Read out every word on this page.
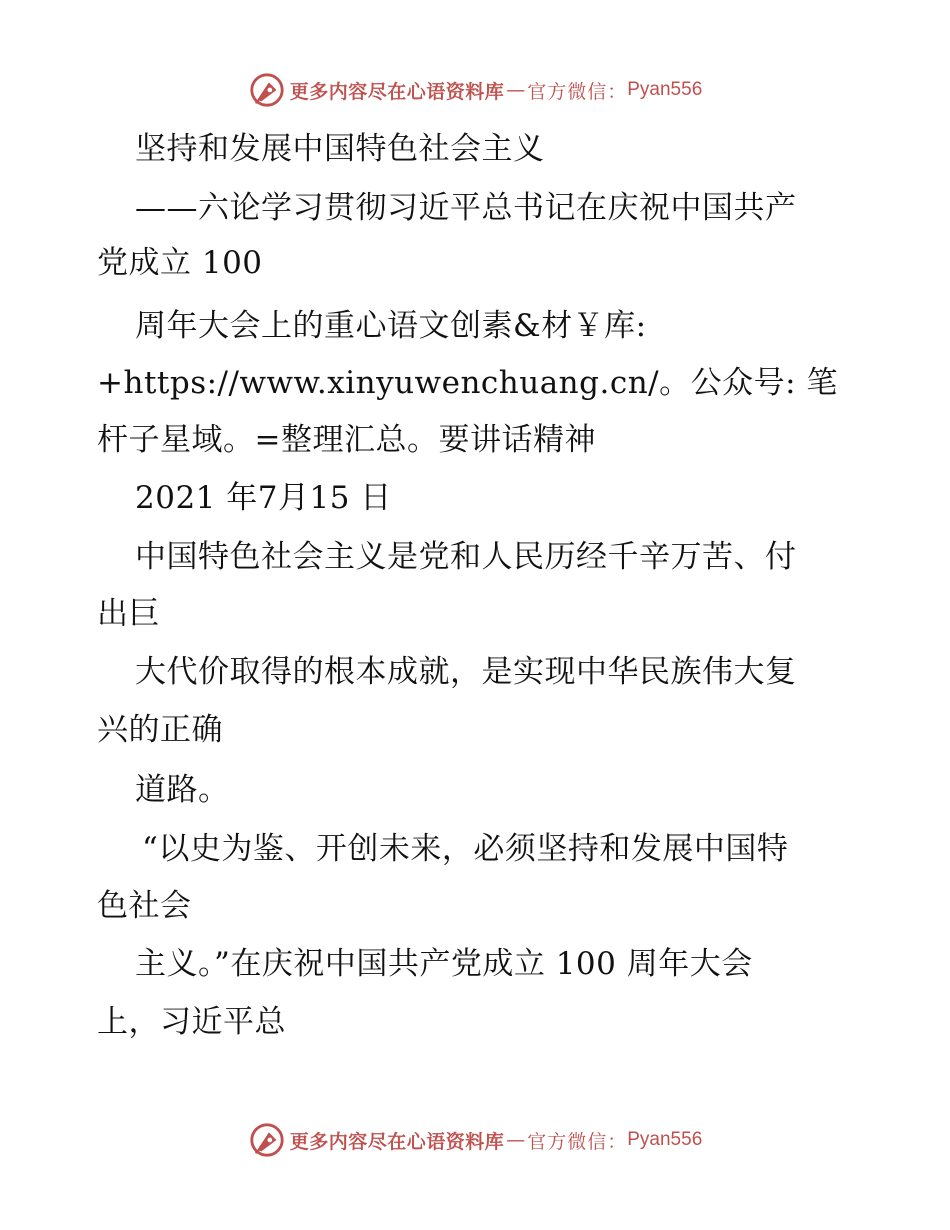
更多内容尽在心语资料库 — 官方微信： Pyan556
坚持和发展中国特色社会主义
——六论学习贯彻习近平总书记在庆祝中国共产
党成立 100
周年大会上的重心语文创素&材￥库:
+https://www.xinyuwenchuang.cn/。公众号: 笔
杆子星域。=整理汇总。要讲话精神
2021 年7月15 日
中国特色社会主义是党和人民历经千辛万苦、付
出巨
大代价取得的根本成就，是实现中华民族伟大复
兴的正确
道路。
“以史为鉴、开创未来，必须坚持和发展中国特
色社会
主义。”在庆祝中国共产党成立 100 周年大会
上，习近平总
更多内容尽在心语资料库 — 官方微信： Pyan556
